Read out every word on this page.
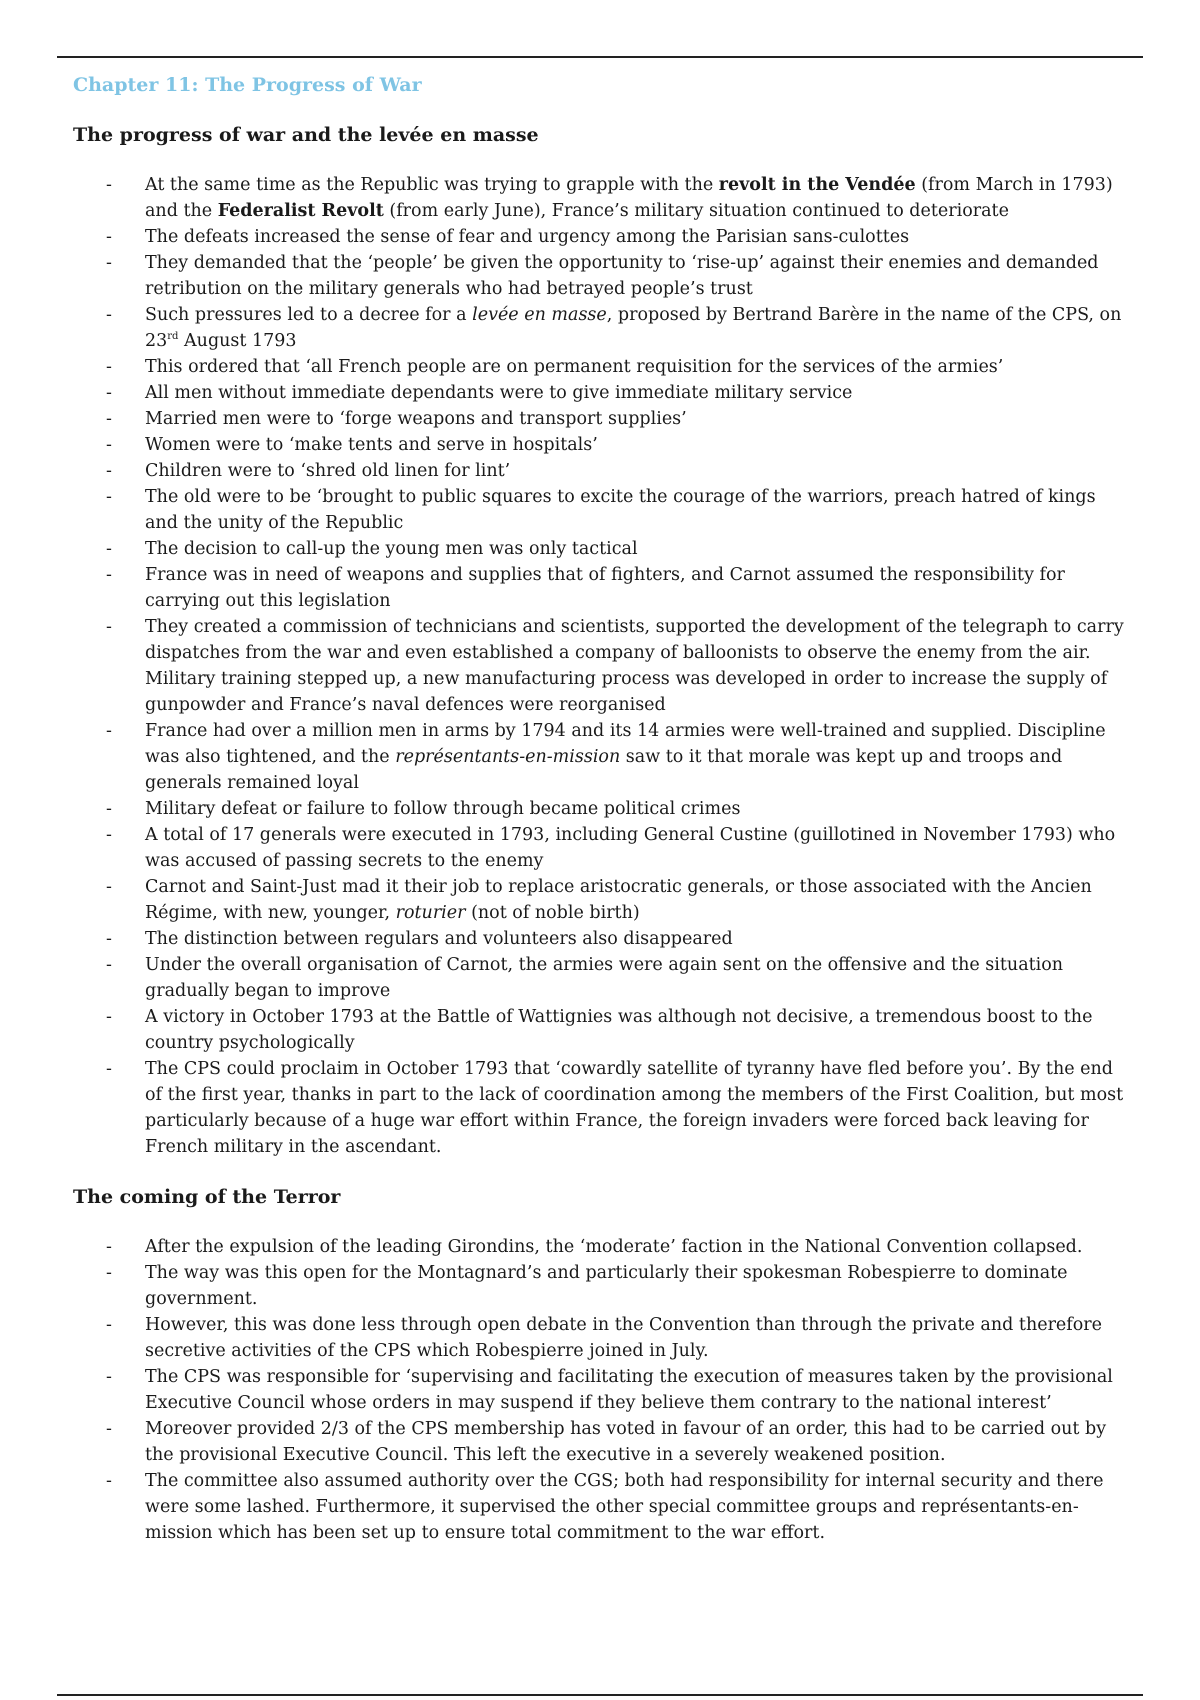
Chapter 11: The Progress of War
The progress of war and the levée en masse
- At the same time as the Republic was trying to grapple with the revolt in the Vendée (from March in 1793) and the Federalist Revolt (from early June), France’s military situation continued to deteriorate
- The defeats increased the sense of fear and urgency among the Parisian sans-culottes
- They demanded that the ‘people’ be given the opportunity to ‘rise-up’ against their enemies and demanded retribution on the military generals who had betrayed people’s trust
- Such pressures led to a decree for a levée en masse, proposed by Bertrand Barère in the name of the CPS, on 23rd August 1793
- This ordered that ‘all French people are on permanent requisition for the services of the armies’
- All men without immediate dependants were to give immediate military service
- Married men were to ‘forge weapons and transport supplies’
- Women were to ‘make tents and serve in hospitals’
- Children were to ‘shred old linen for lint’
- The old were to be ‘brought to public squares to excite the courage of the warriors, preach hatred of kings and the unity of the Republic
- The decision to call-up the young men was only tactical
- France was in need of weapons and supplies that of fighters, and Carnot assumed the responsibility for carrying out this legislation
- They created a commission of technicians and scientists, supported the development of the telegraph to carry dispatches from the war and even established a company of balloonists to observe the enemy from the air. Military training stepped up, a new manufacturing process was developed in order to increase the supply of gunpowder and France’s naval defences were reorganised
- France had over a million men in arms by 1794 and its 14 armies were well-trained and supplied. Discipline was also tightened, and the représentants-en-mission saw to it that morale was kept up and troops and generals remained loyal
- Military defeat or failure to follow through became political crimes
- A total of 17 generals were executed in 1793, including General Custine (guillotined in November 1793) who was accused of passing secrets to the enemy
- Carnot and Saint-Just mad it their job to replace aristocratic generals, or those associated with the Ancien Régime, with new, younger, roturier (not of noble birth)
- The distinction between regulars and volunteers also disappeared
- Under the overall organisation of Carnot, the armies were again sent on the offensive and the situation gradually began to improve
- A victory in October 1793 at the Battle of Wattignies was although not decisive, a tremendous boost to the country psychologically
- The CPS could proclaim in October 1793 that ‘cowardly satellite of tyranny have fled before you’. By the end of the first year, thanks in part to the lack of coordination among the members of the First Coalition, but most particularly because of a huge war effort within France, the foreign invaders were forced back leaving for French military in the ascendant.
The coming of the Terror
- After the expulsion of the leading Girondins, the ‘moderate’ faction in the National Convention collapsed.
- The way was this open for the Montagnard’s and particularly their spokesman Robespierre to dominate government.
- However, this was done less through open debate in the Convention than through the private and therefore secretive activities of the CPS which Robespierre joined in July.
- The CPS was responsible for ‘supervising and facilitating the execution of measures taken by the provisional Executive Council whose orders in may suspend if they believe them contrary to the national interest’
- Moreover provided 2/3 of the CPS membership has voted in favour of an order, this had to be carried out by the provisional Executive Council. This left the executive in a severely weakened position.
- The committee also assumed authority over the CGS; both had responsibility for internal security and there were some lashed. Furthermore, it supervised the other special committee groups and représentants-en-mission which has been set up to ensure total commitment to the war effort.
